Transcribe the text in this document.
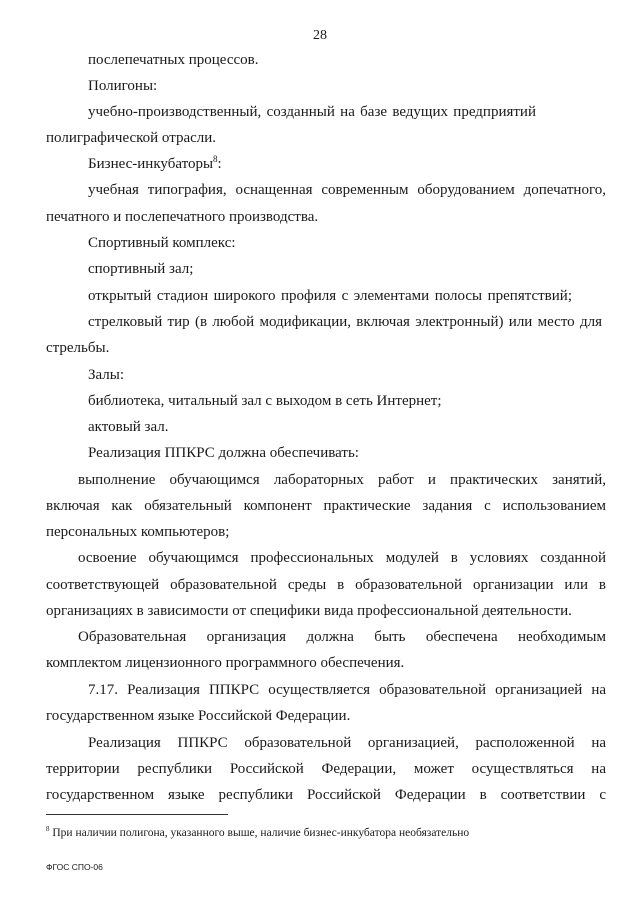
28
послепечатных процессов.
Полигоны:
учебно-производственный, созданный на базе ведущих предприятий
полиграфической отрасли.
Бизнес-инкубаторы$^8$:
учебная типография, оснащенная современным оборудованием допечатного,
печатного и послепечатного производства.
Спортивный комплекс:
спортивный зал;
открытый стадион широкого профиля с элементами полосы препятствий;
стрелковый тир (в любой модификации, включая электронный) или место для
стрельбы.
Залы:
библиотека, читальный зал с выходом в сеть Интернет;
актовый зал.
Реализация ППКРС должна обеспечивать:
выполнение обучающимся лабораторных работ и практических занятий,
включая как обязательный компонент практические задания с использованием
персональных компьютеров;
освоение обучающимся профессиональных модулей в условиях созданной
соответствующей образовательной среды в образовательной организации или в
организациях в зависимости от специфики вида профессиональной деятельности.
Образовательная организация должна быть обеспечена необходимым
комплектом лицензионного программного обеспечения.
7.17. Реализация ППКРС осуществляется образовательной организацией на
государственном языке Российской Федерации.
Реализация ППКРС образовательной организацией, расположенной на
территории республики Российской Федерации, может осуществляться на
государственном языке республики Российской Федерации в соответствии с
$^8$ При наличии полигона, указанного выше, наличие бизнес-инкубатора необязательно
ФГОС СПО-06
